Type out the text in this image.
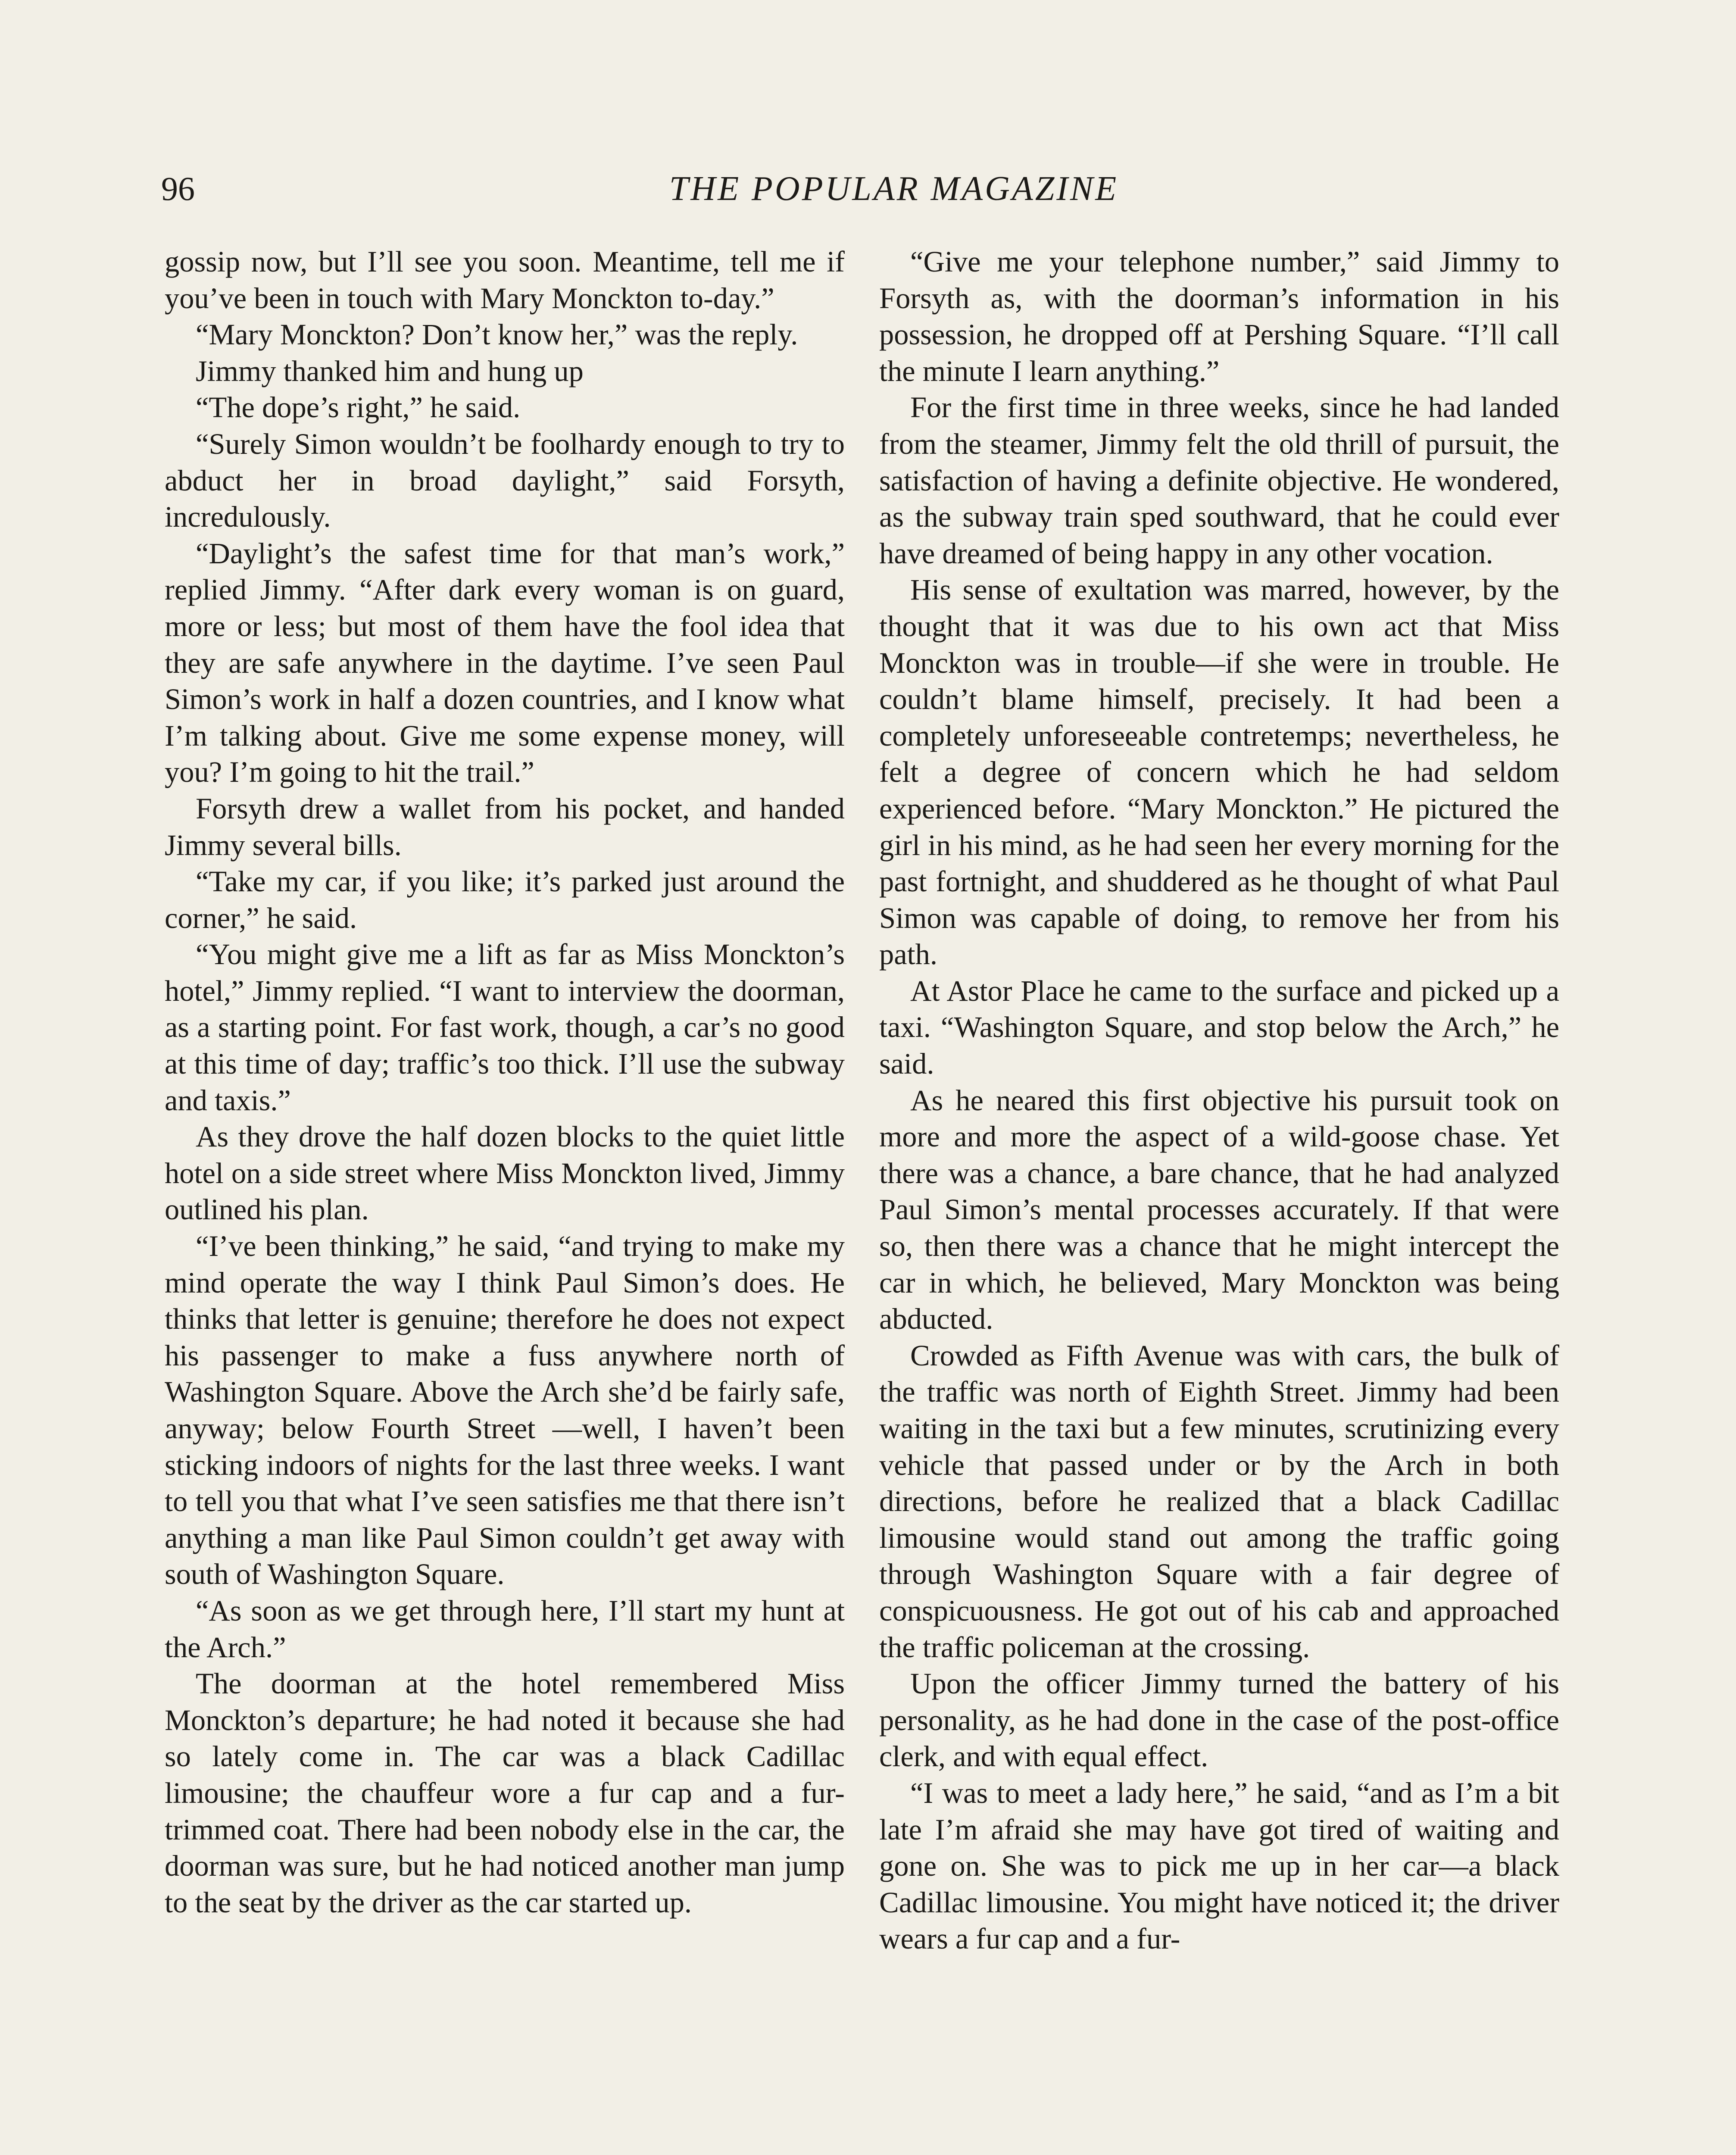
96	THE POPULAR MAGAZINE

gossip now, but I’ll see you soon. Meantime, tell me if you’ve been in touch with Mary Monckton to-day.”

“Mary Monckton? Don’t know her,” was the reply.

Jimmy thanked him and hung up

“The dope’s right,” he said.

“Surely Simon wouldn’t be foolhardy enough to try to abduct her in broad daylight,” said Forsyth, incredulously.

“Daylight’s the safest time for that man’s work,” replied Jimmy. “After dark every woman is on guard, more or less; but most of them have the fool idea that they are safe anywhere in the daytime. I’ve seen Paul Simon’s work in half a dozen countries, and I know what I’m talking about. Give me some expense money, will you? I’m going to hit the trail.”

Forsyth drew a wallet from his pocket, and handed Jimmy several bills.

“Take my car, if you like; it’s parked just around the corner,” he said.

“You might give me a lift as far as Miss Monckton’s hotel,” Jimmy replied. “I want to interview the doorman, as a starting point. For fast work, though, a car’s no good at this time of day; traffic’s too thick. I’ll use the subway and taxis.”

As they drove the half dozen blocks to the quiet little hotel on a side street where Miss Monckton lived, Jimmy outlined his plan.

“I’ve been thinking,” he said, “and trying to make my mind operate the way I think Paul Simon’s does. He thinks that letter is genuine; therefore he does not expect his passenger to make a fuss anywhere north of Washington Square. Above the Arch she’d be fairly safe, anyway; below Fourth Street —well, I haven’t been sticking indoors of nights for the last three weeks. I want to tell you that what I’ve seen satisfies me that there isn’t anything a man like Paul Simon couldn’t get away with south of Washington Square.

“As soon as we get through here, I’ll start my hunt at the Arch.”

The doorman at the hotel remembered Miss Monckton’s departure; he had noted it because she had so lately come in. The car was a black Cadillac limousine; the chauffeur wore a fur cap and a fur-trimmed coat. There had been nobody else in the car, the doorman was sure, but he had noticed another man jump to the seat by the driver as the car started up.

“Give me your telephone number,” said Jimmy to Forsyth as, with the doorman’s information in his possession, he dropped off at Pershing Square. “I’ll call the minute I learn anything.”

For the first time in three weeks, since he had landed from the steamer, Jimmy felt the old thrill of pursuit, the satisfaction of having a definite objective. He wondered, as the subway train sped southward, that he could ever have dreamed of being happy in any other vocation.

His sense of exultation was marred, however, by the thought that it was due to his own act that Miss Monckton was in trouble—if she were in trouble. He couldn’t blame himself, precisely. It had been a completely unforeseeable contretemps; nevertheless, he felt a degree of concern which he had seldom experienced before. “Mary Monckton.” He pictured the girl in his mind, as he had seen her every morning for the past fortnight, and shuddered as he thought of what Paul Simon was capable of doing, to remove her from his path.

At Astor Place he came to the surface and picked up a taxi. “Washington Square, and stop below the Arch,” he said.

As he neared this first objective his pursuit took on more and more the aspect of a wild-goose chase. Yet there was a chance, a bare chance, that he had analyzed Paul Simon’s mental processes accurately. If that were so, then there was a chance that he might intercept the car in which, he believed, Mary Monckton was being abducted.

Crowded as Fifth Avenue was with cars, the bulk of the traffic was north of Eighth Street. Jimmy had been waiting in the taxi but a few minutes, scrutinizing every vehicle that passed under or by the Arch in both directions, before he realized that a black Cadillac limousine would stand out among the traffic going through Washington Square with a fair degree of conspicuousness. He got out of his cab and approached the traffic policeman at the crossing.

Upon the officer Jimmy turned the battery of his personality, as he had done in the case of the post-office clerk, and with equal effect.

“I was to meet a lady here,” he said, “and as I’m a bit late I’m afraid she may have got tired of waiting and gone on. She was to pick me up in her car—a black Cadillac limousine. You might have noticed it; the driver wears a fur cap and a fur-
